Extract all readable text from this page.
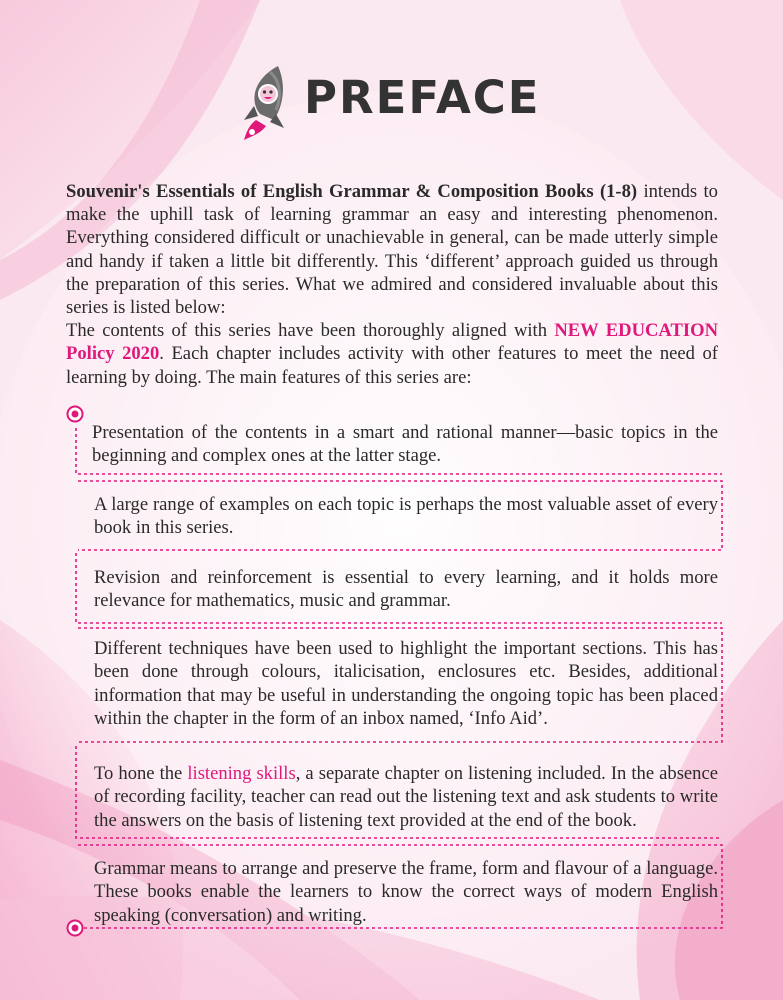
PREFACE

Souvenir's Essentials of English Grammar & Composition Books (1-8) intends to make the uphill task of learning grammar an easy and interesting phenomenon. Everything considered difficult or unachievable in general, can be made utterly simple and handy if taken a little bit differently. This ‘different’ approach guided us through the preparation of this series. What we admired and considered invaluable about this series is listed below:

The contents of this series have been thoroughly aligned with NEW EDUCATION Policy 2020. Each chapter includes activity with other features to meet the need of learning by doing. The main features of this series are:

Presentation of the contents in a smart and rational manner—basic topics in the beginning and complex ones at the latter stage.
A large range of examples on each topic is perhaps the most valuable asset of every book in this series.
Revision and reinforcement is essential to every learning, and it holds more relevance for mathematics, music and grammar.
Different techniques have been used to highlight the important sections. This has been done through colours, italicisation, enclosures etc. Besides, additional information that may be useful in understanding the ongoing topic has been placed within the chapter in the form of an inbox named, ‘Info Aid’.
To hone the listening skills, a separate chapter on listening included. In the absence of recording facility, teacher can read out the listening text and ask students to write the answers on the basis of listening text provided at the end of the book.
Grammar means to arrange and preserve the frame, form and flavour of a language. These books enable the learners to know the correct ways of modern English speaking (conversation) and writing.
